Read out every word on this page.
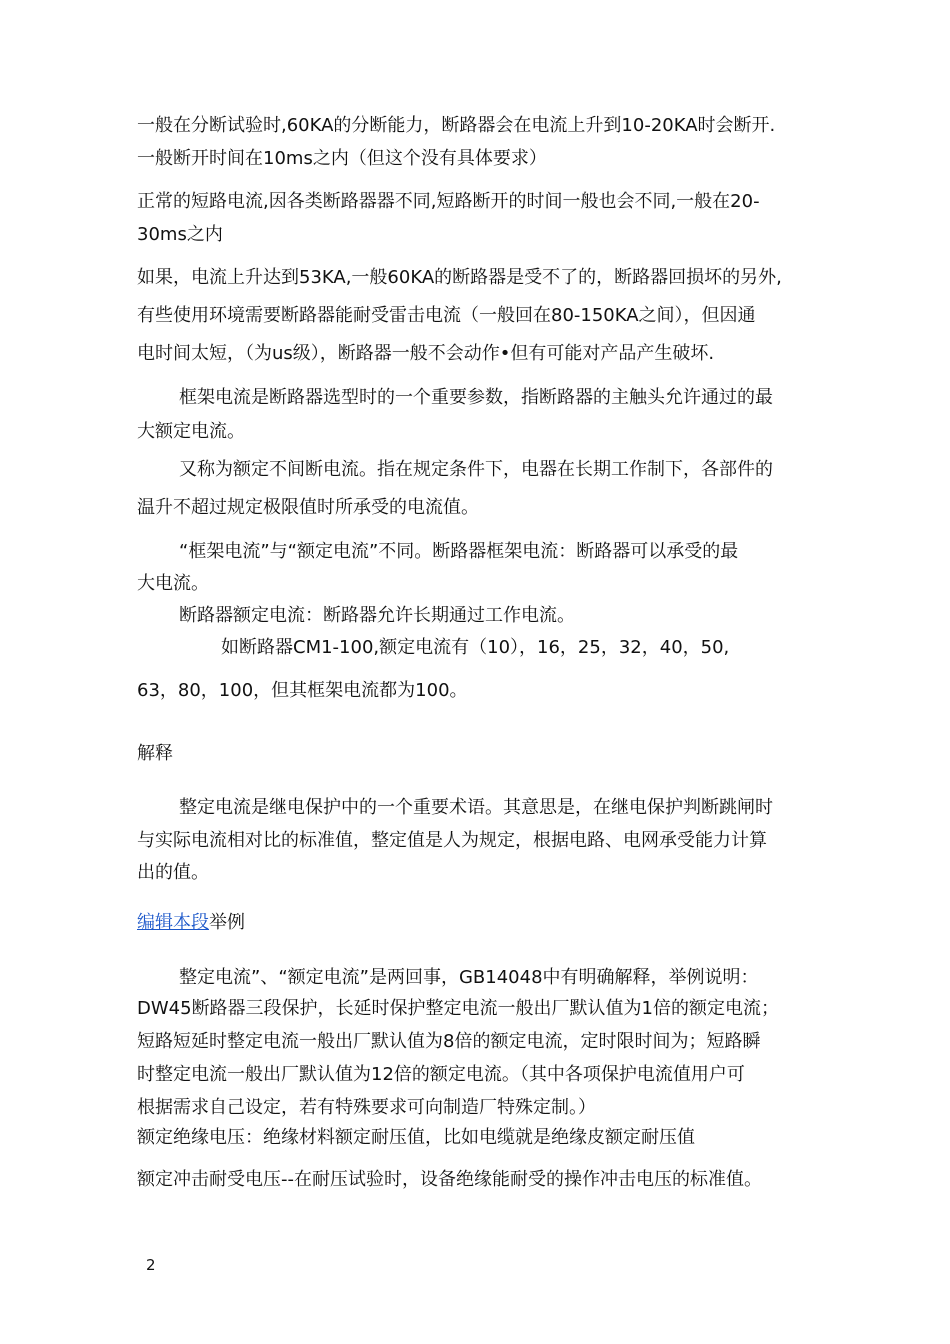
一般在分断试验时,60KA的分断能力，断路器会在电流上升到10-20KA时会断开.
一般断开时间在10ms之内（但这个没有具体要求）
正常的短路电流,因各类断路器器不同,短路断开的时间一般也会不同,一般在20-
30ms之内
如果，电流上升达到53KA,一般60KA的断路器是受不了的，断路器回损坏的另外,
有些使用环境需要断路器能耐受雷击电流（一般回在80-150KA之间），但因通
电时间太短，（为us级），断路器一般不会动作•但有可能对产品产生破坏.
框架电流是断路器选型时的一个重要参数，指断路器的主触头允许通过的最
大额定电流。
又称为额定不间断电流。指在规定条件下，电器在长期工作制下，各部件的
温升不超过规定极限值时所承受的电流值。
“框架电流”与“额定电流”不同。断路器框架电流：断路器可以承受的最
大电流。
断路器额定电流：断路器允许长期通过工作电流。
如断路器CM1-100,额定电流有（10），16，25，32，40，50,
63，80，100，但其框架电流都为100。
解释
整定电流是继电保护中的一个重要术语。其意思是，在继电保护判断跳闸时
与实际电流相对比的标准值，整定值是人为规定，根据电路、电网承受能力计算
出的值。
编辑本段举例
整定电流”、“额定电流”是两回事，GB14048中有明确解释，举例说明：
DW45断路器三段保护，长延时保护整定电流一般出厂默认值为1倍的额定电流；
短路短延时整定电流一般出厂默认值为8倍的额定电流，定时限时间为；短路瞬
时整定电流一般出厂默认值为12倍的额定电流。（其中各项保护电流值用户可
根据需求自己设定，若有特殊要求可向制造厂特殊定制。）
额定绝缘电压：绝缘材料额定耐压值，比如电缆就是绝缘皮额定耐压值
额定冲击耐受电压--在耐压试验时，设备绝缘能耐受的操作冲击电压的标准值。
2
